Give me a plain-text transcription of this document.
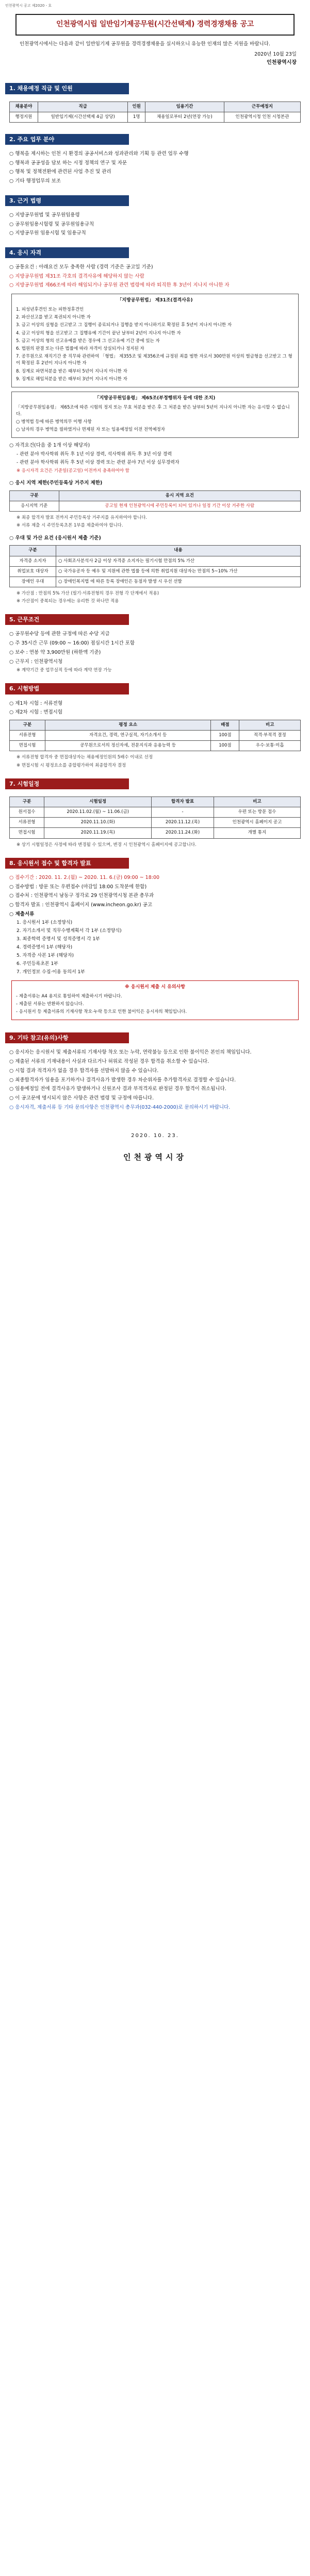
인천광역시 공고 제2020 - 호
인천광역시립 일반임기제공무원(시간선택제) 경력경쟁채용 공고

인천광역시에서는 다음과 같이 일반임기제 공무원을 경력경쟁채용을 실시하오니 유능한 인재의 많은 지원을 바랍니다.

2020년 10월 23일

인천광역시장

1. 채용예정 직급 및 인원
채용분야	직급	인원	임용기간	근무예정지
행정지원	일반임기제(시간선택제 4급 상당)	1명	채용일로부터 2년(연장 가능)	인천광역시청 인천 시청본관
2. 주요 업무 분야

○ 행복을 제시하는 인천 시 환경의 공공서비스와 성과관리와 기획 등 관련 업무 수행

○ 행복과 공공성을 담보 하는 시정 정책의 연구 및 자문

○ 행복 및 정책전환에 관련된 사업 추진 및 관리

○ 기타 행정업무의 보조

3. 근거 법령

○ 지방공무원법 및 공무원임용령

○ 공무원임용시험령 및 공무원임용규칙

○ 지방공무원 임용시험 및 임용규칙

4. 응시 자격

○ 공통요건 : 아래요건 모두 충족한 사람 (경력 기준은 공고일 기준)

○ 지방공무원법 제31조 각호의 결격사유에 해당하지 않는 사람

○ 지방공무원법 제66조에 따라 해임되거나 공무원 관련 법령에 따라 퇴직한 후 3년이 지나지 아니한 자

「지방공무원법」 제31조(결격사유)

1. 피성년후견인 또는 피한정후견인

2. 파산선고를 받고 복권되지 아니한 자

3. 금고 이상의 실형을 선고받고 그 집행이 종료되거나 집행을 받지 아니하기로 확정된 후 5년이 지나지 아니한 자

4. 금고 이상의 형을 선고받고 그 집행유예 기간이 끝난 날부터 2년이 지나지 아니한 자

5. 금고 이상의 형의 선고유예를 받은 경우에 그 선고유예 기간 중에 있는 자

6. 법원의 판결 또는 다른 법률에 따라 자격이 상실되거나 정지된 자

7. 공무원으로 재직기간 중 직무와 관련하여 「형법」 제355조 및 제356조에 규정된 죄를 범한 자로서 300만원 이상의 벌금형을 선고받고 그 형이 확정된 후 2년이 지나지 아니한 자

8. 징계로 파면처분을 받은 때부터 5년이 지나지 아니한 자

9. 징계로 해임처분을 받은 때부터 3년이 지나지 아니한 자

「지방공무원임용령」 제65조(부정행위자 등에 대한 조치)

「지방공무원임용령」 제65조에 따른 시험의 정지 또는 무효 처분을 받은 후 그 처분을 받은 날부터 5년이 지나지 아니한 자는 응시할 수 없습니다.

○ 병역법 등에 따른 병역의무 이행 사항

○ 남자의 경우 병역을 필하였거나 면제된 자 또는 임용예정일 이전 전역예정자

○ 자격요건(다음 중 1개 이상 해당자)

- 관련 분야 박사학위 취득 후 1년 이상 경력, 석사학위 취득 후 3년 이상 경력

- 관련 분야 학사학위 취득 후 5년 이상 경력 또는 관련 분야 7년 이상 실무경력자

※ 응시자격 요건은 기준일(공고일) 이전까지 충족하여야 함

○ 응시 지역 제한(주민등록상 거주지 제한)

구분	응시 지역 요건
응시지역 기준	공고일 현재 인천광역시에 주민등록이 되어 있거나 일정 기간 이상 거주한 사람

※ 최종 합격자 발표 전까지 주민등록상 거주지를 유지하여야 합니다.

※ 서류 제출 시 주민등록초본 1부를 제출하여야 합니다.

○ 우대 및 가산 요건 (응시원서 제출 기준)

구분	내용
자격증 소지자	○ 사회조사분석사 2급 이상 자격증 소지자는 필기시험 만점의 5% 가산
취업보호 대상자	○ 국가유공자 등 예우 및 지원에 관한 법률 등에 의한 취업지원 대상자는 만점의 5~10% 가산
장애인 우대	○ 장애인복지법 에 따른 등록 장애인은 동점자 발생 시 우선 선발

※ 가산점 : 만점의 5% 가산 (필기·서류전형의 경우 전형 각 단계에서 적용)

※ 가산점이 중복되는 경우에는 유리한 것 하나만 적용

5. 근무조건

○ 공무원수당 등에 관한 규정에 따른 수당 지급

○ 주 35시간 근무 (09:00 ~ 16:00) 점심시간 1시간 포함

○ 보수 : 연봉 약 3,900만원 (하한액 기준)

○ 근무지 : 인천광역시청

※ 계약기간 중 업무실적 등에 따라 계약 연장 가능

6. 시험방법

○ 제1차 시험 : 서류전형

○ 제2차 시험 : 면접시험

구분	평정 요소	배점	비고
서류전형	자격요건, 경력, 연구실적, 자기소개서 등	100점	적격·부적격 결정
면접시험	공무원으로서의 정신자세, 전문지식과 응용능력 등	100점	우수·보통·미흡

※ 서류전형 합격자 중 면접대상자는 채용예정인원의 5배수 이내로 선정

※ 면접시험 시 평정요소를 종합평가하여 최종합격자 결정

7. 시험일정
구분	시험일정	합격자 발표	비고
원서접수	2020.11.02.(월) ~ 11.06.(금)	-	우편 또는 방문 접수
서류전형	2020.11.10.(화)	2020.11.12.(목)	인천광역시 홈페이지 공고
면접시험	2020.11.19.(목)	2020.11.24.(화)	개별 통지

※ 상기 시험일정은 사정에 따라 변경될 수 있으며, 변경 시 인천광역시 홈페이지에 공고합니다.

8. 응시원서 접수 및 합격자 발표

○ 접수기간 : 2020. 11. 2.(월) ~ 2020. 11. 6.(금) 09:00 ~ 18:00

○ 접수방법 : 방문 또는 우편접수 (마감일 18:00 도착분에 한함)

○ 접수처 : 인천광역시 남동구 정각로 29 인천광역시청 본관 총무과

○ 합격자 발표 : 인천광역시 홈페이지 (www.incheon.go.kr) 공고

○ 제출서류

1. 응시원서 1부 (소정양식)

2. 자기소개서 및 직무수행계획서 각 1부 (소정양식)

3. 최종학력 증명서 및 성적증명서 각 1부

4. 경력증명서 1부 (해당자)

5. 자격증 사본 1부 (해당자)

6. 주민등록초본 1부

7. 개인정보 수집·이용 동의서 1부

※ 응시원서 제출 시 유의사항

- 제출서류는 A4 용지로 통일하여 제출하시기 바랍니다.

- 제출된 서류는 반환하지 않습니다.

- 응시원서 등 제출서류의 기재사항 착오·누락 등으로 인한 불이익은 응시자의 책임입니다.

9. 기타 참고(유의)사항

○ 응시자는 응시원서 및 제출서류의 기재사항 착오 또는 누락, 연락불능 등으로 인한 불이익은 본인의 책임입니다.

○ 제출된 서류의 기재내용이 사실과 다르거나 허위로 작성된 경우 합격을 취소할 수 있습니다.

○ 시험 결과 적격자가 없을 경우 합격자를 선발하지 않을 수 있습니다.

○ 최종합격자가 임용을 포기하거나 결격사유가 발생한 경우 차순위자를 추가합격자로 결정할 수 있습니다.

○ 임용예정일 전에 결격사유가 발생하거나 신원조사 결과 부적격자로 판정된 경우 합격이 취소됩니다.

○ 이 공고문에 명시되지 않은 사항은 관련 법령 및 규정에 따릅니다.

○ 응시자격, 제출서류 등 기타 문의사항은 인천광역시 총무과(032-440-2000)로 문의하시기 바랍니다.

2020. 10. 23.
인천광역시장
